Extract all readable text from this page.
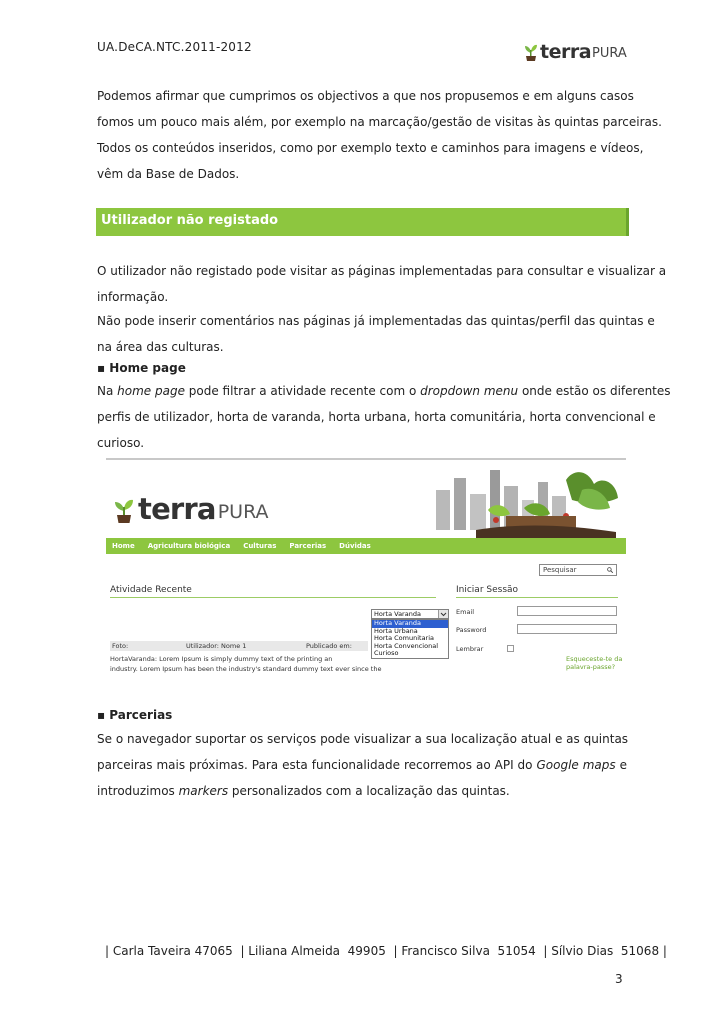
UA.DeCA.NTC.2011-2012	terra PURA
Podemos afirmar que cumprimos os objectivos a que nos propusemos e em alguns casos
fomos um pouco mais além, por exemplo na marcação/gestão de visitas às quintas parceiras.
Todos os conteúdos inseridos, como por exemplo texto e caminhos para imagens e vídeos,
vêm da Base de Dados.
Utilizador não registado
O utilizador não registado pode visitar as páginas implementadas para consultar e visualizar a
informação.
Não pode inserir comentários nas páginas já implementadas das quintas/perfil das quintas e
na área das culturas.
▪ Home page
Na home page pode filtrar a atividade recente com o dropdown menu onde estão os diferentes
perfis de utilizador, horta de varanda, horta urbana, horta comunitária, horta convencional e
curioso.
terra PURA
Home Agricultura biológica Culturas Parcerias Dúvidas
Pesquisar
Atividade Recente	Iniciar Sessão
Horta Varanda
Horta Varanda
Horta Urbana
Horta Comunitaria
Horta Convencional
Curioso
Email
Password
Lembrar
Esqueceste-te da palavra-passe?
Foto:	Utilizador: Nome 1	Publicado em:
HortaVaranda: Lorem Ipsum is simply dummy text of the printing an
industry. Lorem Ipsum has been the industry's standard dummy text ever since the
▪ Parcerias
Se o navegador suportar os serviços pode visualizar a sua localização atual e as quintas
parceiras mais próximas. Para esta funcionalidade recorremos ao API do Google maps e
introduzimos markers personalizados com a localização das quintas.
| Carla Taveira 47065  | Liliana Almeida  49905  | Francisco Silva  51054  | Sílvio Dias  51068 |
3
